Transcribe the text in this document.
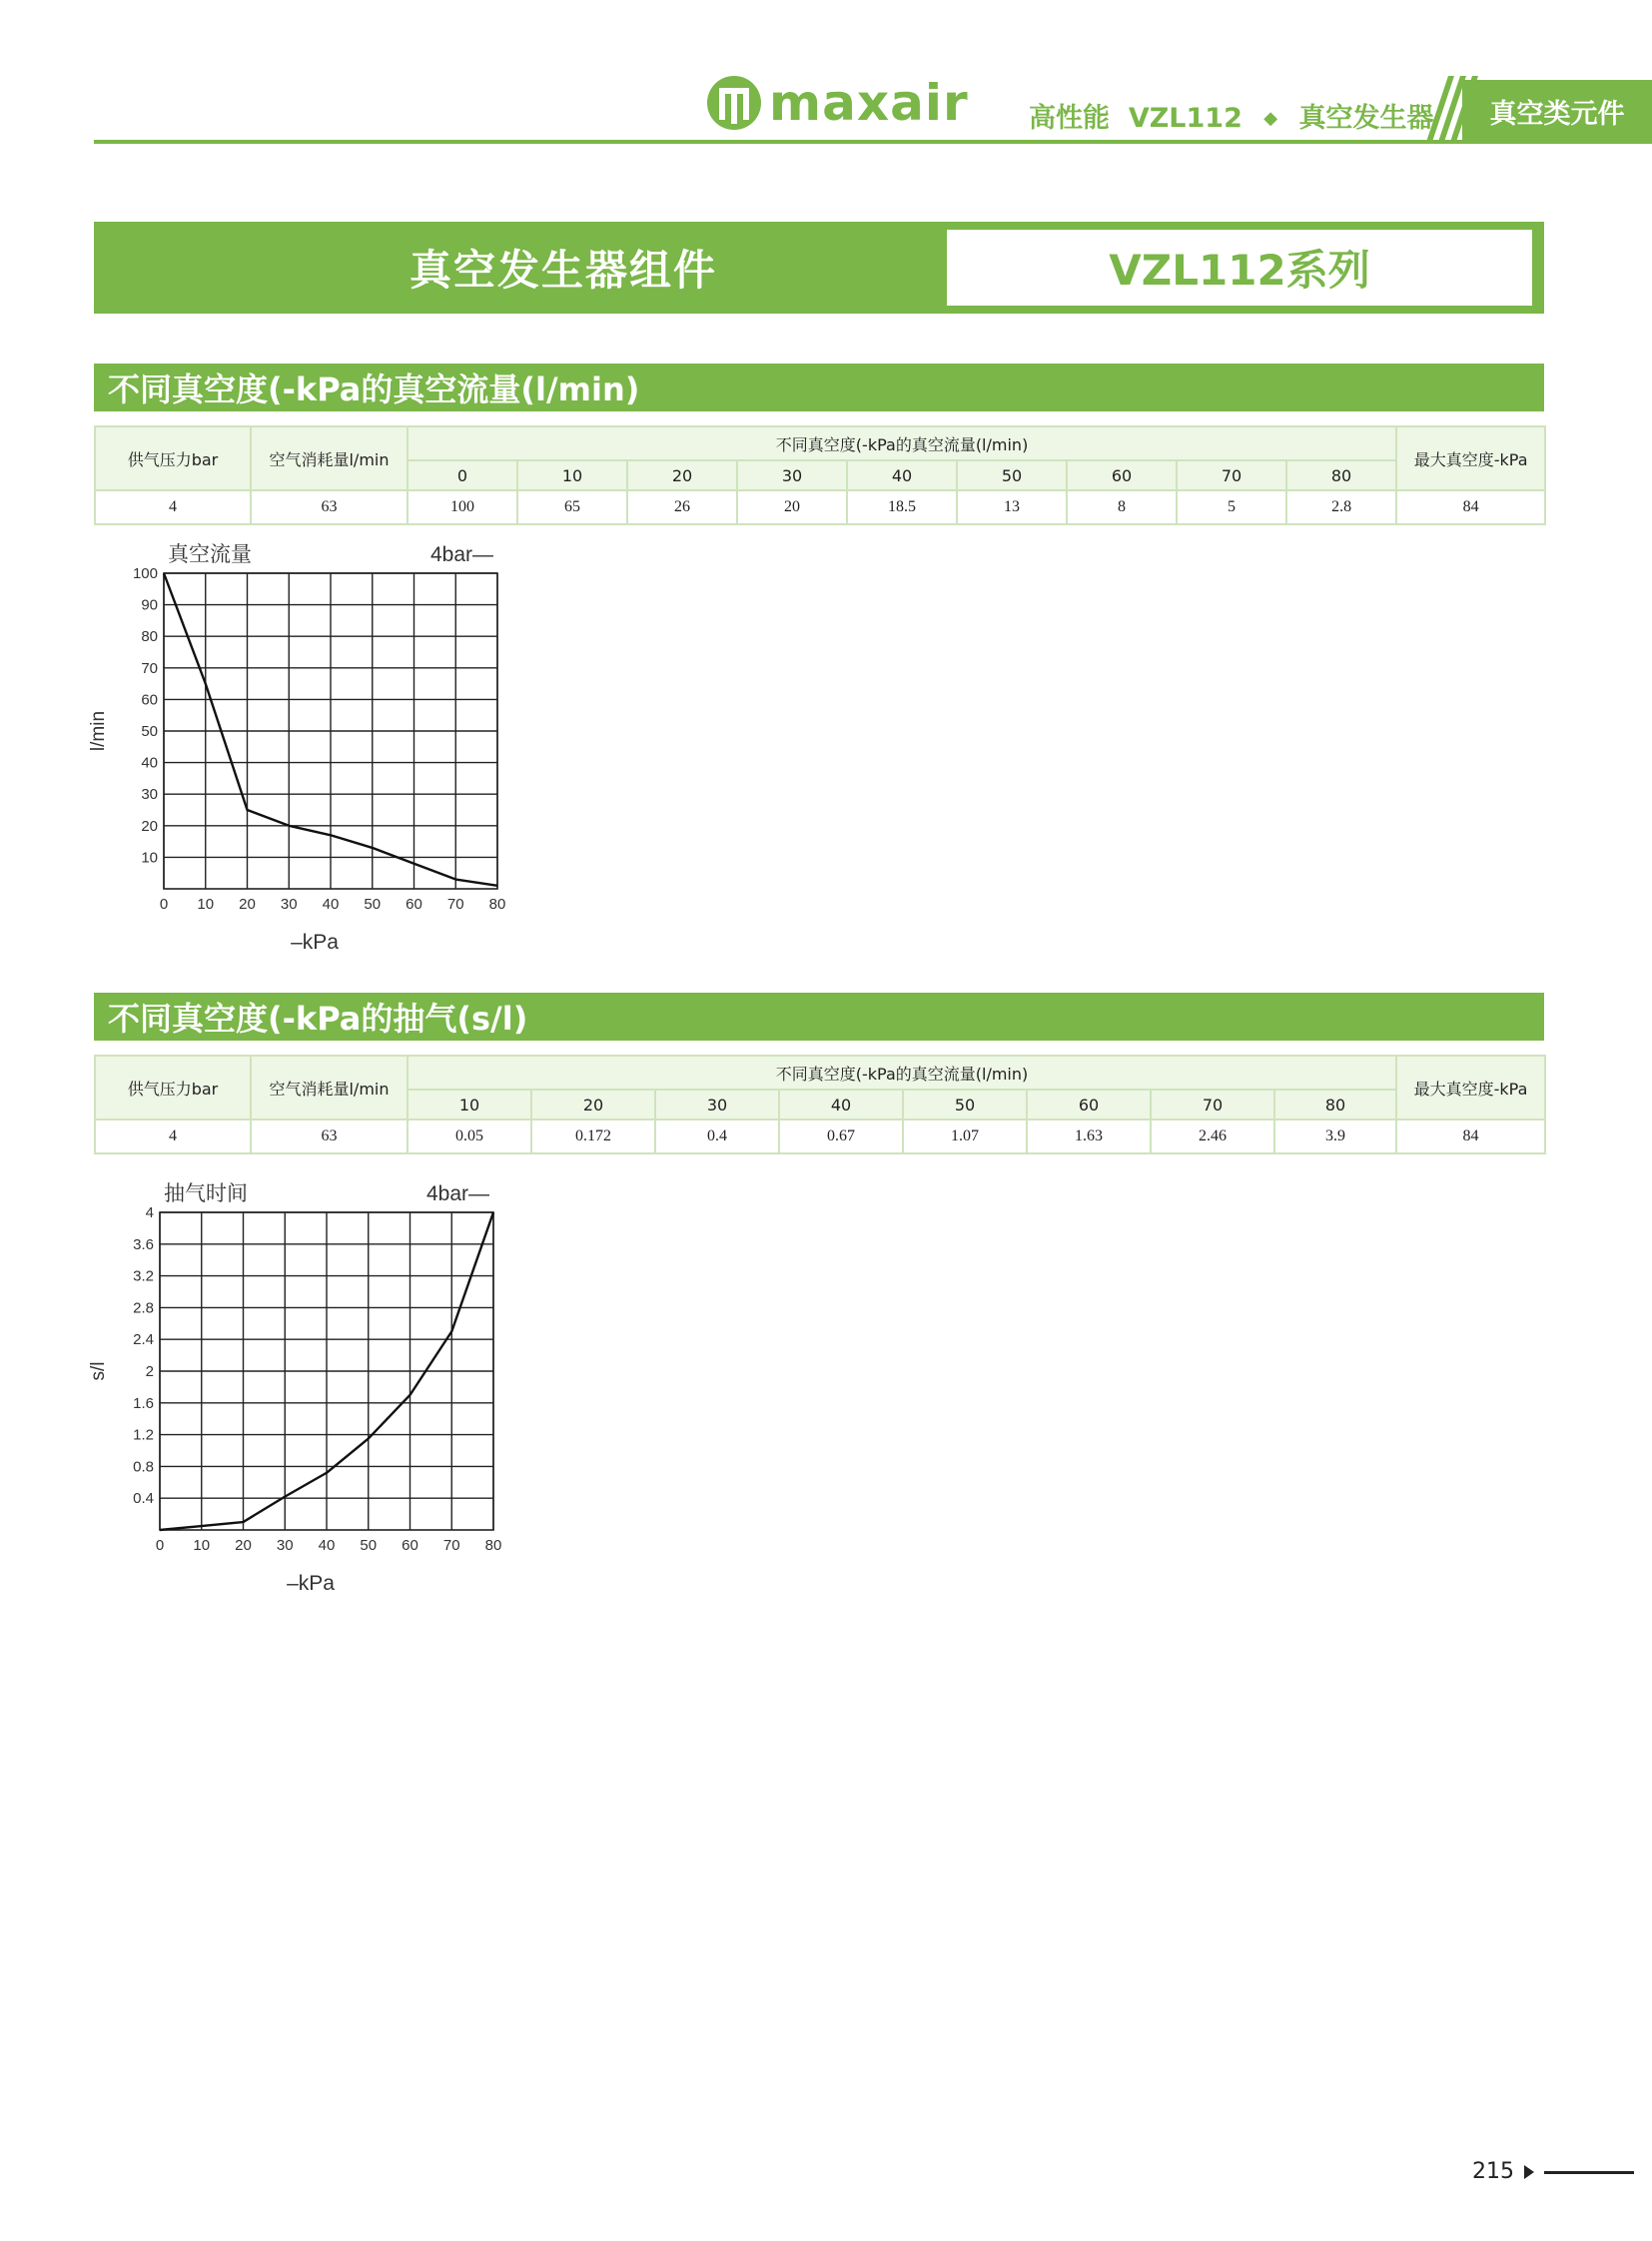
maxair 高性能 VZL112 ◆ 真空发生器	真空类元件
真空发生器组件	VZL112系列
不同真空度(-kPa的真空流量(l/min)
供气压力bar	空气消耗量l/min	不同真空度(-kPa的真空流量(l/min)									最大真空度-kPa
		0	10	20	30	40	50	60	70	80	
4	63	100	65	26	20	18.5	13	8	5	2.8	84
0 10 20 30 40 50 60 70 80
10
20
30
40
50
60
70
80
90
100
真空流量	4bar—
–kPa
l/min
不同真空度(-kPa的抽气(s/l)
供气压力bar	空气消耗量l/min	不同真空度(-kPa的真空流量(l/min)								最大真空度-kPa
		10	20	30	40	50	60	70	80	
4	63	0.05	0.172	0.4	0.67	1.07	1.63	2.46	3.9	84
0 10 20 30 40 50 60 70 80
0.4
0.8
1.2
1.6
2
2.4
2.8
3.2
3.6
4
抽气时间	4bar—
–kPa
s/l
215
